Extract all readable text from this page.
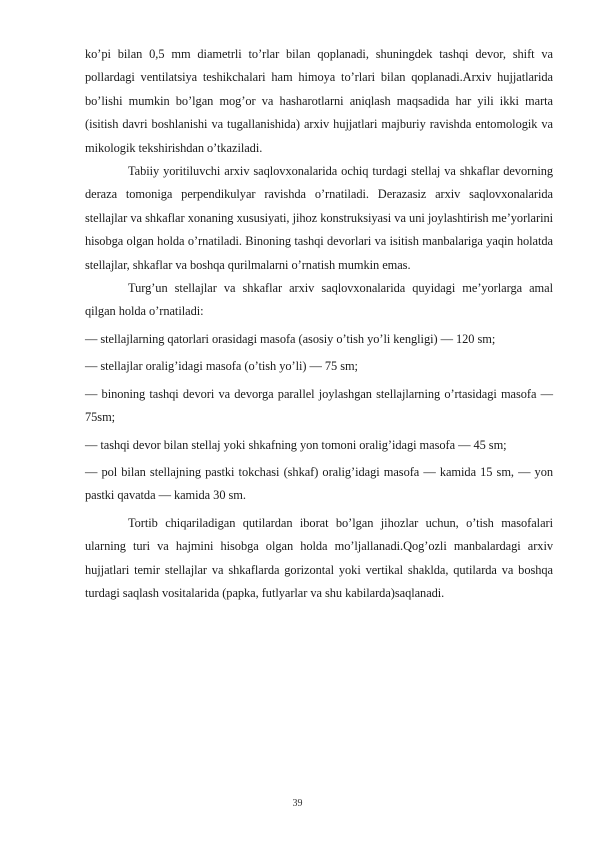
ko’pi bilan 0,5 mm diametrli to’rlar bilan qoplanadi, shuningdek tashqi devor, shift va pollardagi ventilatsiya teshikchalari ham himoya to’rlari bilan qoplanadi.Arxiv hujjatlarida bo’lishi mumkin bo’lgan mog’or va hasharotlarni aniqlash maqsadida har yili ikki marta (isitish davri boshlanishi va tugallanishida) arxiv hujjatlari majburiy ravishda entomologik va mikologik tekshirishdan o’tkaziladi.

Tabiiy yoritiluvchi arxiv saqlovxonalarida ochiq turdagi stellaj va shkaflar devorning deraza tomoniga perpendikulyar ravishda o’rnatiladi. Derazasiz arxiv saqlovxonalarida stellajlar va shkaflar xonaning xususiyati, jihoz konstruksiyasi va uni joylashtirish me’yorlarini hisobga olgan holda o’rnatiladi. Binoning tashqi devorlari va isitish manbalariga yaqin holatda stellajlar, shkaflar va boshqa qurilmalarni o’rnatish mumkin emas.

Turg’un stellajlar va shkaflar arxiv saqlovxonalarida quyidagi me’yorlarga amal qilgan holda o’rnatiladi:

— stellajlarning qatorlari orasidagi masofa (asosiy o’tish yo’li kengligi) — 120 sm;

— stellajlar oralig’idagi masofa (o’tish yo’li) — 75 sm;

— binoning tashqi devori va devorga parallel joylashgan stellajlarning o’rtasidagi masofa — 75sm;

— tashqi devor bilan stellaj yoki shkafning yon tomoni oralig’idagi masofa — 45 sm;

— pol bilan stellajning pastki tokchasi (shkaf) oralig’idagi masofa — kamida 15 sm, — yon pastki qavatda — kamida 30 sm.

Tortib chiqariladigan qutilardan iborat bo’lgan jihozlar uchun, o’tish masofalari ularning turi va hajmini hisobga olgan holda mo’ljallanadi.Qog’ozli manbalardagi arxiv hujjatlari temir stellajlar va shkaflarda gorizontal yoki vertikal shaklda, qutilarda va boshqa turdagi saqlash vositalarida (papka, futlyarlar va shu kabilarda)saqlanadi.

39
